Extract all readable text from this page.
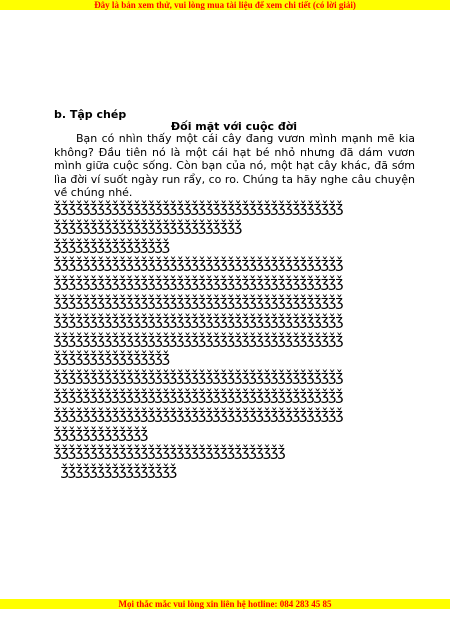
Đây là bản xem thử, vui lòng mua tài liệu để xem chi tiết (có lời giải)
b. Tập chép
Đối mặt với cuộc đời

Bạn có nhìn thấy một cái cây đang vươn mình mạnh mẽ kia không? Đầu tiên nó là một cái hạt bé nhỏ nhưng đã dám vươn mình giữa cuộc sống. Còn bạn của nó, một hạt cây khác, đã sớm lìa đời ví suốt ngày run rẩy, co ro. Chúng ta hãy nghe câu chuyện về chúng nhé.

ǯǯǯǯǯǯǯǯǯǯǯǯǯǯǯǯǯǯǯǯǯǯǯǯǯǯǯǯǯǯǯǯǯǯǯǯǯǯǯǯ
ǯǯǯǯǯǯǯǯǯǯǯǯǯǯǯǯǯǯǯǯǯǯǯǯǯǯ
ǯǯǯǯǯǯǯǯǯǯǯǯǯǯǯǯ
ǯǯǯǯǯǯǯǯǯǯǯǯǯǯǯǯǯǯǯǯǯǯǯǯǯǯǯǯǯǯǯǯǯǯǯǯǯǯǯǯ
ǯǯǯǯǯǯǯǯǯǯǯǯǯǯǯǯǯǯǯǯǯǯǯǯǯǯǯǯǯǯǯǯǯǯǯǯǯǯǯǯ
ǯǯǯǯǯǯǯǯǯǯǯǯǯǯǯǯǯǯǯǯǯǯǯǯǯǯǯǯǯǯǯǯǯǯǯǯǯǯǯǯ
ǯǯǯǯǯǯǯǯǯǯǯǯǯǯǯǯǯǯǯǯǯǯǯǯǯǯǯǯǯǯǯǯǯǯǯǯǯǯǯǯ
ǯǯǯǯǯǯǯǯǯǯǯǯǯǯǯǯǯǯǯǯǯǯǯǯǯǯǯǯǯǯǯǯǯǯǯǯǯǯǯǯ
ǯǯǯǯǯǯǯǯǯǯǯǯǯǯǯǯ
ǯǯǯǯǯǯǯǯǯǯǯǯǯǯǯǯǯǯǯǯǯǯǯǯǯǯǯǯǯǯǯǯǯǯǯǯǯǯǯǯ
ǯǯǯǯǯǯǯǯǯǯǯǯǯǯǯǯǯǯǯǯǯǯǯǯǯǯǯǯǯǯǯǯǯǯǯǯǯǯǯǯ
ǯǯǯǯǯǯǯǯǯǯǯǯǯǯǯǯǯǯǯǯǯǯǯǯǯǯǯǯǯǯǯǯǯǯǯǯǯǯǯǯ
ǯǯǯǯǯǯǯǯǯǯǯǯǯ
ǯǯǯǯǯǯǯǯǯǯǯǯǯǯǯǯǯǯǯǯǯǯǯǯǯǯǯǯǯǯǯǯ
ǯǯǯǯǯǯǯǯǯǯǯǯǯǯǯǯ
Mọi thắc mắc vui lòng xin liên hệ hotline: 084 283 45 85
